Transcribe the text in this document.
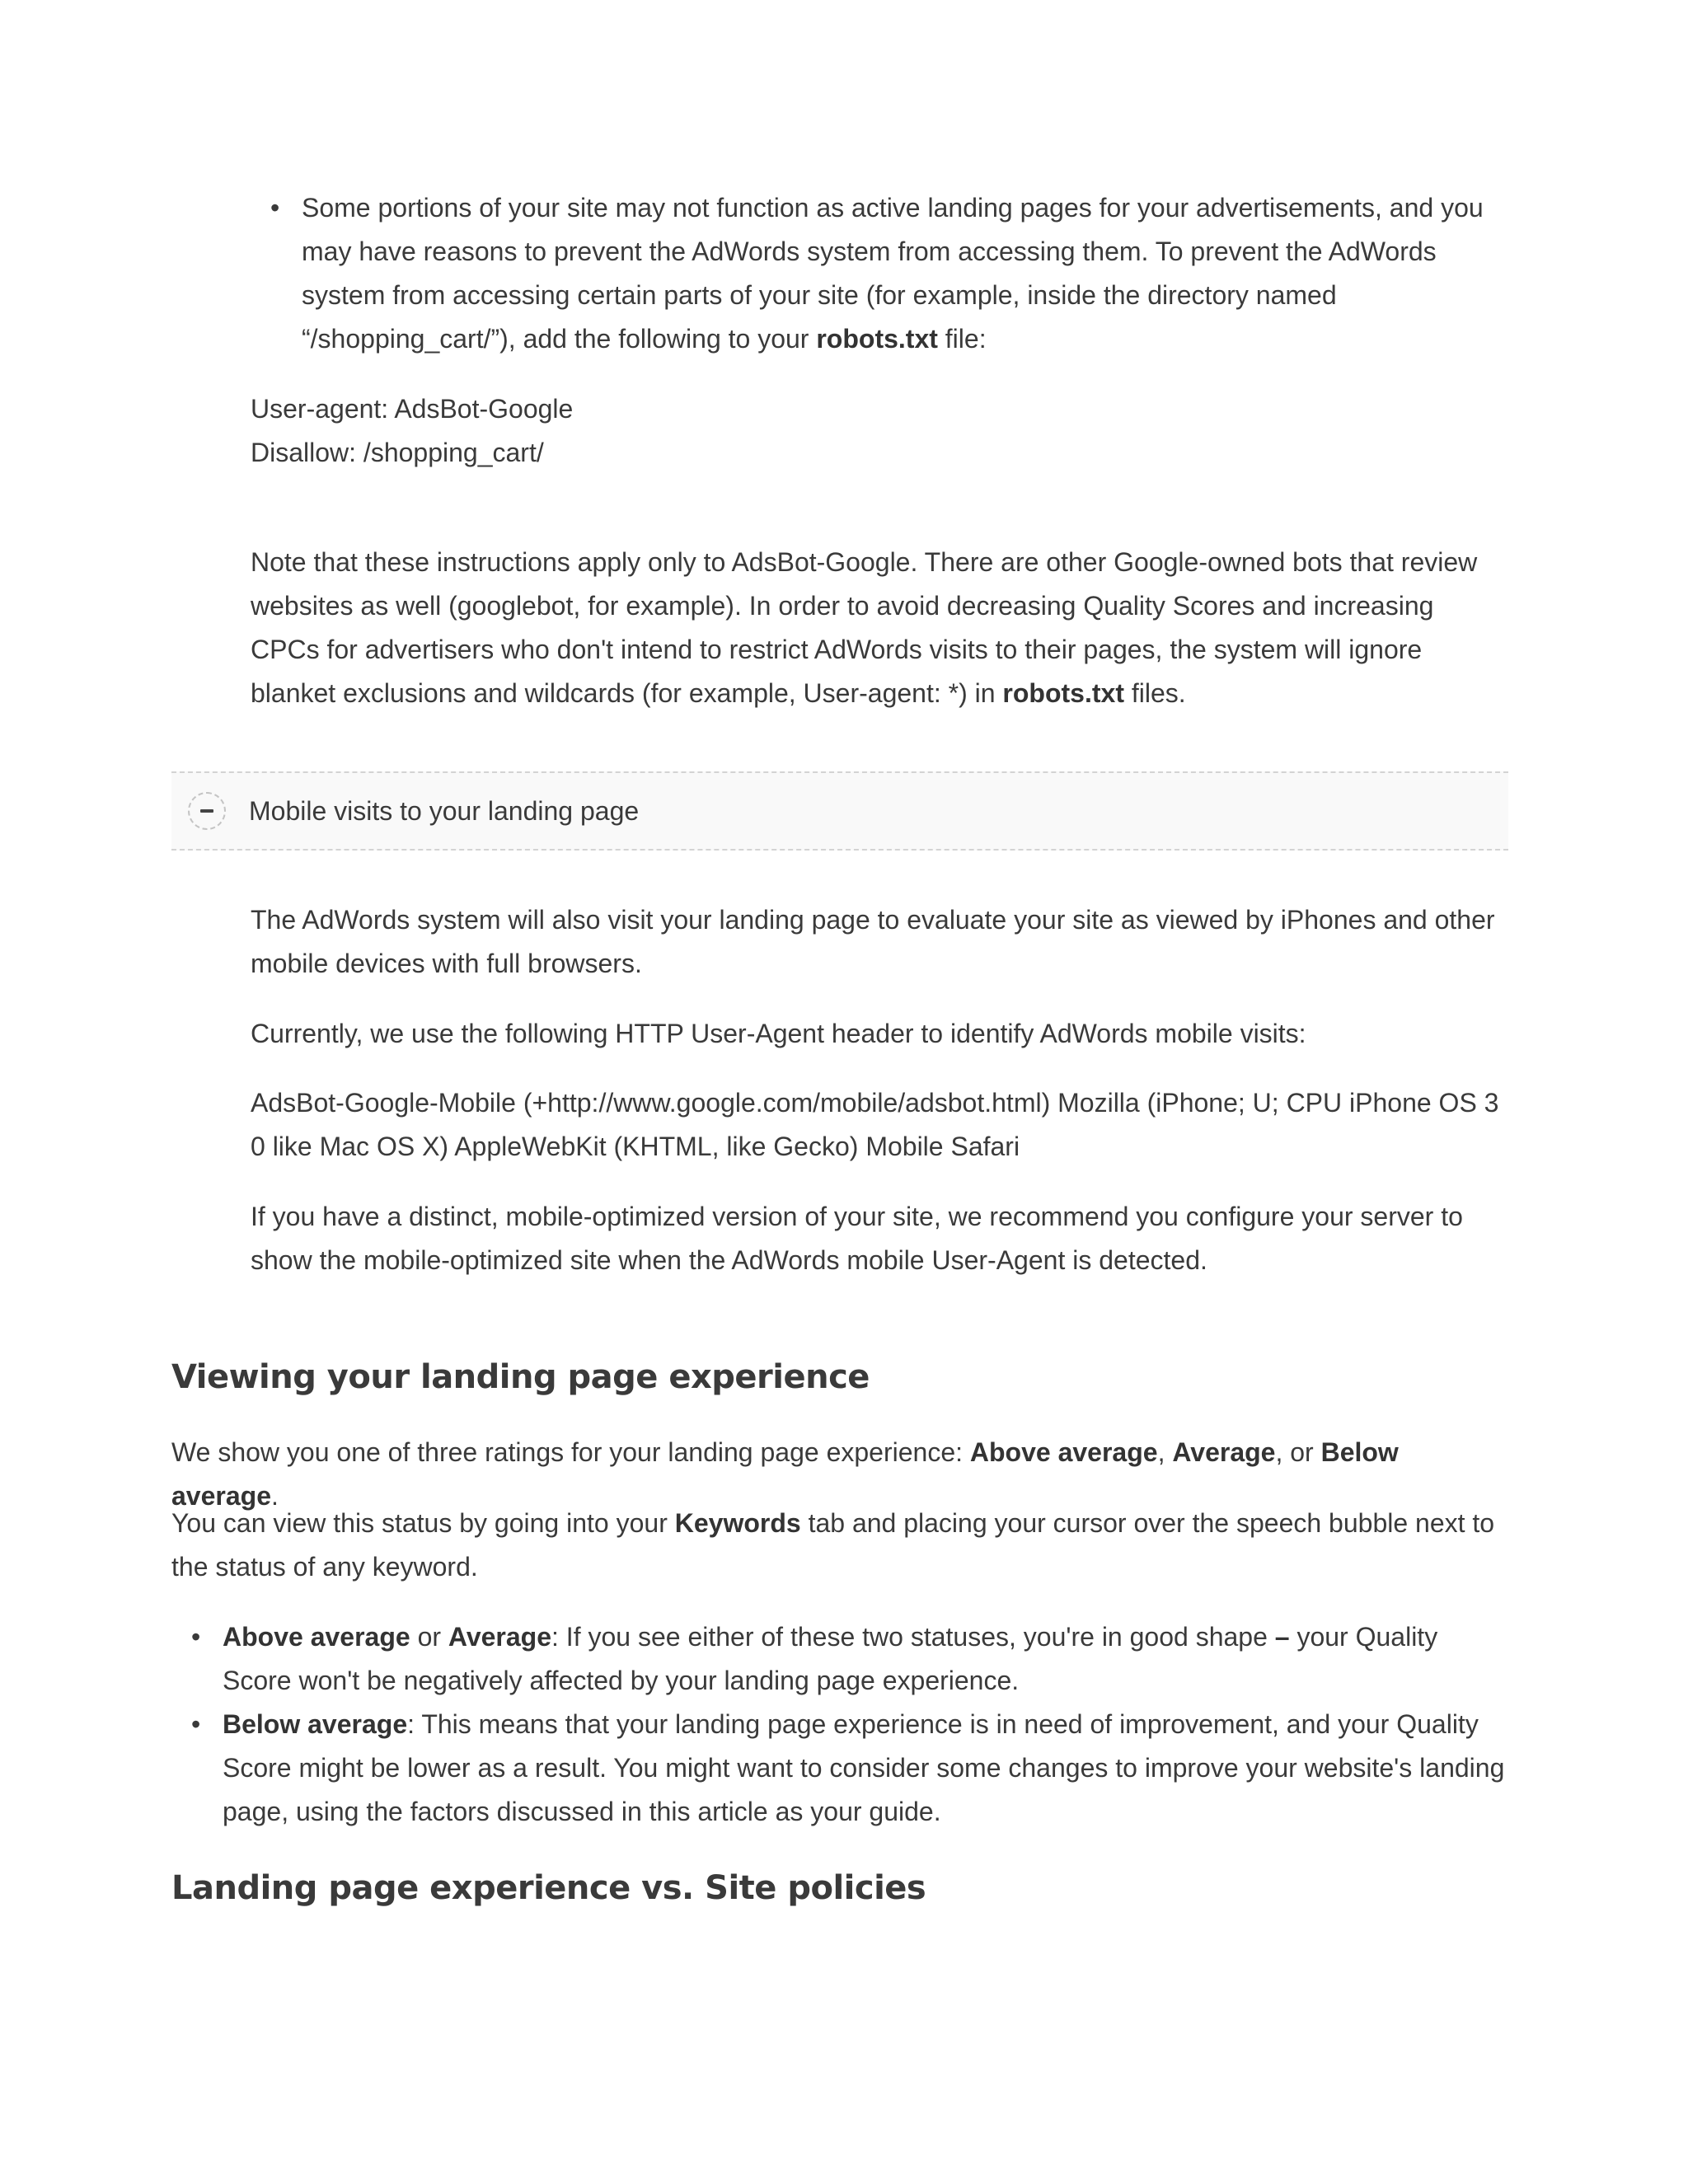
• Some portions of your site may not function as active landing pages for your advertisements, and you may have reasons to prevent the AdWords system from accessing them. To prevent the AdWords system from accessing certain parts of your site (for example, inside the directory named “/shopping_cart/”), add the following to your robots.txt file:
User-agent: AdsBot-Google
Disallow: /shopping_cart/

Note that these instructions apply only to AdsBot-Google. There are other Google-owned bots that review websites as well (googlebot, for example). In order to avoid decreasing Quality Scores and increasing CPCs for advertisers who don't intend to restrict AdWords visits to their pages, the system will ignore blanket exclusions and wildcards (for example, User-agent: *) in robots.txt files.

Mobile visits to your landing page

The AdWords system will also visit your landing page to evaluate your site as viewed by iPhones and other mobile devices with full browsers.

Currently, we use the following HTTP User-Agent header to identify AdWords mobile visits:

AdsBot-Google-Mobile (+http://www.google.com/mobile/adsbot.html) Mozilla (iPhone; U; CPU iPhone OS 3 0 like Mac OS X) AppleWebKit (KHTML, like Gecko) Mobile Safari

If you have a distinct, mobile-optimized version of your site, we recommend you configure your server to show the mobile-optimized site when the AdWords mobile User-Agent is detected.

Viewing your landing page experience

We show you one of three ratings for your landing page experience: Above average, Average, or Below average.

You can view this status by going into your Keywords tab and placing your cursor over the speech bubble next to the status of any keyword.

• Above average or Average: If you see either of these two statuses, you're in good shape – your Quality Score won't be negatively affected by your landing page experience.
• Below average: This means that your landing page experience is in need of improvement, and your Quality Score might be lower as a result. You might want to consider some changes to improve your website's landing page, using the factors discussed in this article as your guide.
Landing page experience vs. Site policies
